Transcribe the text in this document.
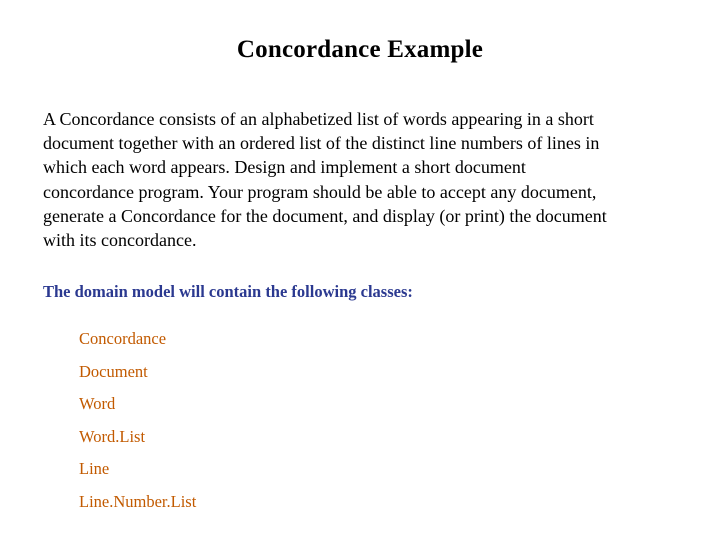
Concordance Example
A Concordance consists of an alphabetized list of words appearing in a short
document together with an ordered list of the distinct line numbers of lines in
which each word appears. Design and implement a short document
concordance program. Your program should be able to accept any document,
generate a Concordance for the document, and display (or print) the document
with its concordance.
The domain model will contain the following classes:
Concordance
Document
Word
Word.List
Line
Line.Number.List
